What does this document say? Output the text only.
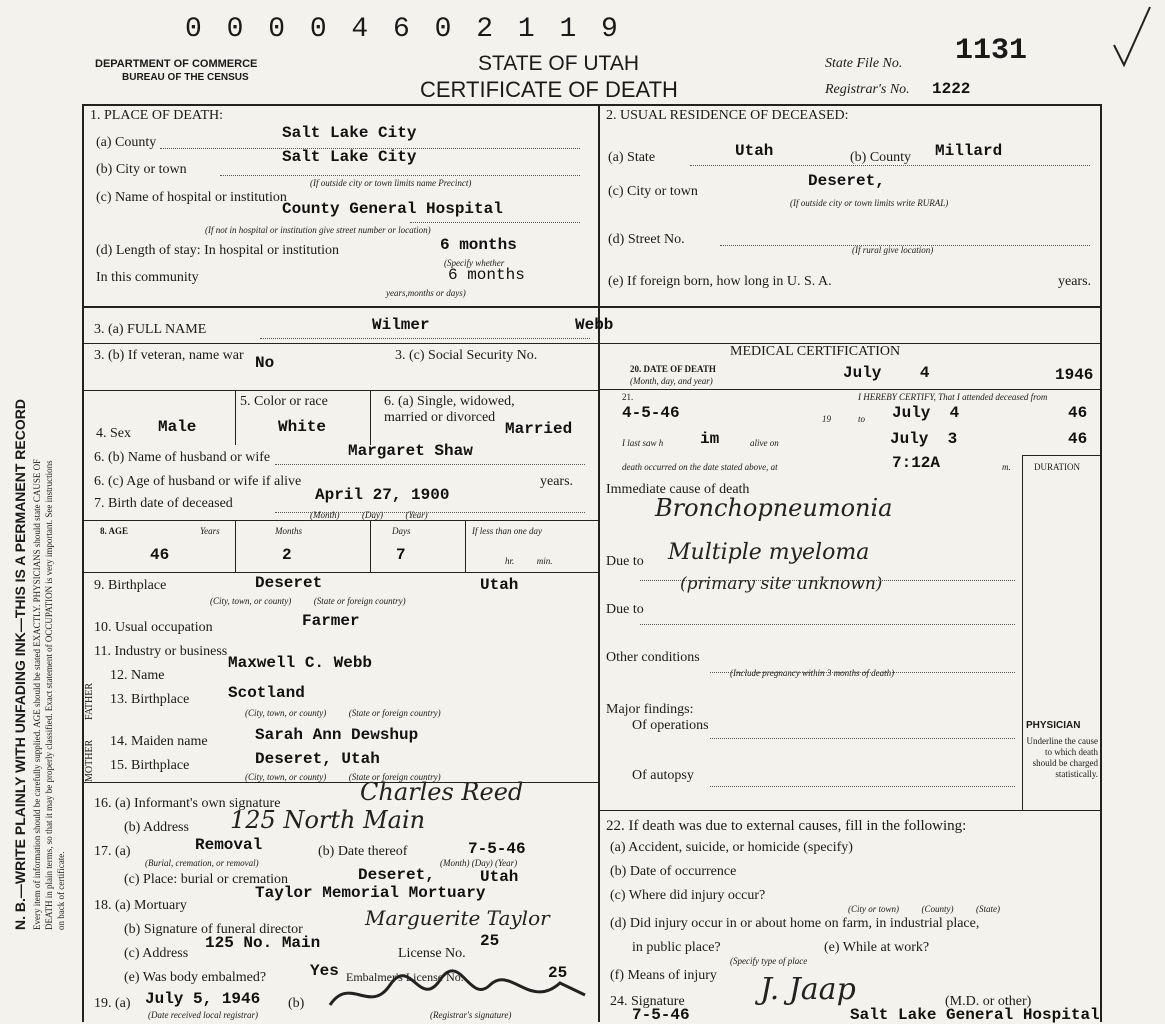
N. B.—WRITE PLAINLY WITH UNFADING INK—THIS IS A PERMANENT RECORD Every item of information should be carefully supplied. AGE should be stated EXACTLY. PHYSICIANS should state CAUSE OF DEATH in plain terms, so that it may be properly classified. Exact statement of OCCUPATION is very important. See instructions on back of certificate.
0 0 0 0 4 6 0 2 1 1 9
DEPARTMENT OF COMMERCE
BUREAU OF THE CENSUS
STATE OF UTAH
CERTIFICATE OF DEATH
State File No. 1131
Registrar's No. 1222
1. PLACE OF DEATH:
(a) County
Salt Lake City
(b) City or town
Salt Lake City
(If outside city or town limits name Precinct)
(c) Name of hospital or institution
County General Hospital
(If not in hospital or institution give street number or location)
(d) Length of stay: In hospital or institution	6 months
(Specify whether
In this community	6 months
years,months or days)
2. USUAL RESIDENCE OF DECEASED:
(a) State	Utah	(b) County Millard
(c) City or town
Deseret,
(If outside city or town limits write RURAL)
(d) Street No.
(If rural give location)
(e) If foreign born, how long in U. S. A.	years.
3. (a) FULL NAME	Wilmer	Webb
3. (b) If veteran, name war No	3. (c) Social Security No.
4. Sex Male
5. Color or race
White
6. (a) Single, widowed, married or divorced
Married
6. (b) Name of husband or wife	Margaret Shaw
6. (c) Age of husband or wife if alive	years.
7. Birth date of deceased	April 27, 1900
(Month)          (Day)          (Year)
8. AGE	Years	Months	Days	If less than one day
hr.          min.
46	2	7
9. Birthplace	Deseret	Utah
(City, town, or county)          (State or foreign country)
10. Usual occupation	Farmer
11. Industry or business
FATHER
MOTHER
12. Name
Maxwell C. Webb
13. Birthplace Scotland
(City, town, or county)          (State or foreign country)
14. Maiden name	Sarah Ann Dewshup
15. Birthplace	Deseret, Utah
(City, town, or county)          (State or foreign country)
16. (a) Informant's own signature	Charles Reed
(b) Address 125 North Main
17. (a)	Removal
(Burial, cremation, or removal)
(b) Date thereof	7-5-46
(Month) (Day) (Year)
(c) Place: burial or cremation	Deseret,	Utah
18. (a) Mortuary
Taylor Memorial Mortuary
(b) Signature of funeral director	Marguerite Taylor
(c) Address
125 No. Main
License No.
25
(e) Was body embalmed?	Yes Embalmer's License No.	25
19. (a) July 5, 1946 (b)
(Date received local registrar)	(Registrar's signature)
MEDICAL CERTIFICATION
20. DATE OF DEATH
(Month, day, and year)	July    4	1946
21.	I HEREBY CERTIFY, That I attended deceased from
4-5-46	19	to July  4	46
I last saw h im	alive on	July  3	46
death occurred on the date stated above, at	7:12A	m.	DURATION
Immediate cause of death
Bronchopneumonia
Due to Multiple myeloma
(primary site unknown)
Due to
Other conditions
(Include pregnancy within 3 months of death)
Major findings:
Of operations
Of autopsy
PHYSICIAN
Underline the cause to which death should be charged statistically.
22. If death was due to external causes, fill in the following:
(a) Accident, suicide, or homicide (specify)
(b) Date of occurrence
(c) Where did injury occur?
(City or town)          (County)          (State)
(d) Did injury occur in or about home on farm, in industrial place,
in public place?	(e) While at work?
(Specify type of place
(f) Means of injury
24. Signature	J. Jaap	(M.D. or other)
7-5-46	Salt Lake General Hospital
